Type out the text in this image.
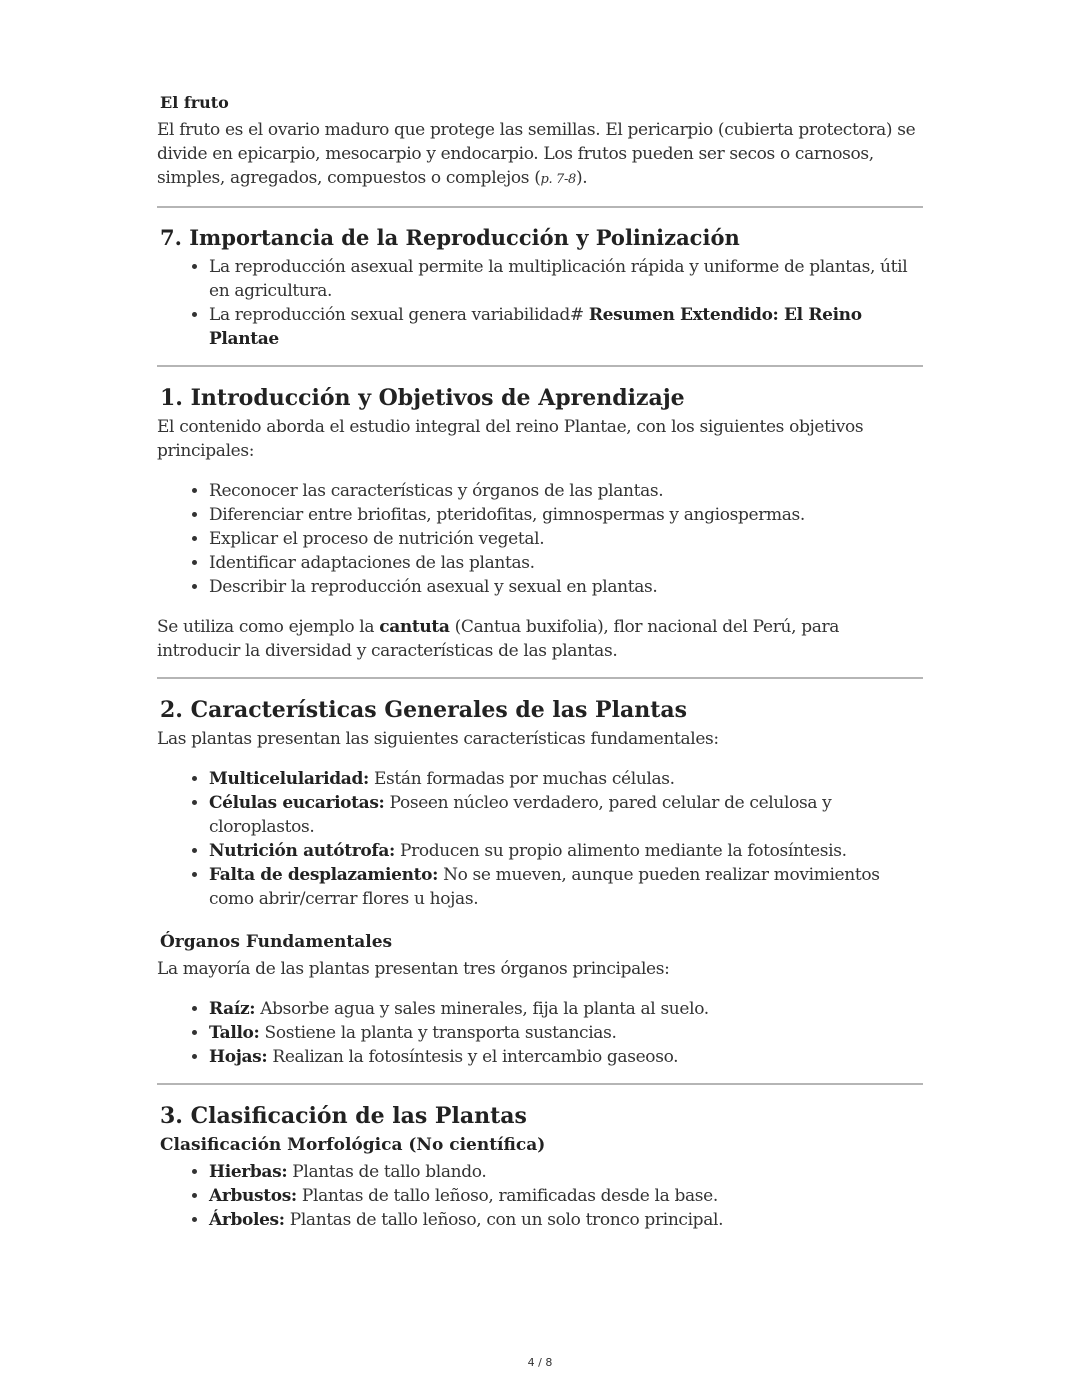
El fruto

El fruto es el ovario maduro que protege las semillas. El pericarpio (cubierta protectora) se divide en epicarpio, mesocarpio y endocarpio. Los frutos pueden ser secos o carnosos, simples, agregados, compuestos o complejos (p. 7-8).

7. Importancia de la Reproducción y Polinización
• La reproducción asexual permite la multiplicación rápida y uniforme de plantas, útil en agricultura.
• La reproducción sexual genera variabilidad# Resumen Extendido: El Reino Plantae
1. Introducción y Objetivos de Aprendizaje

El contenido aborda el estudio integral del reino Plantae, con los siguientes objetivos principales:

• Reconocer las características y órganos de las plantas.
• Diferenciar entre briofitas, pteridofitas, gimnospermas y angiospermas.
• Explicar el proceso de nutrición vegetal.
• Identificar adaptaciones de las plantas.
• Describir la reproducción asexual y sexual en plantas.

Se utiliza como ejemplo la cantuta (Cantua buxifolia), flor nacional del Perú, para introducir la diversidad y características de las plantas.

2. Características Generales de las Plantas

Las plantas presentan las siguientes características fundamentales:

• Multicelularidad: Están formadas por muchas células.
• Células eucariotas: Poseen núcleo verdadero, pared celular de celulosa y cloroplastos.
• Nutrición autótrofa: Producen su propio alimento mediante la fotosíntesis.
• Falta de desplazamiento: No se mueven, aunque pueden realizar movimientos como abrir/cerrar flores u hojas.
Órganos Fundamentales

La mayoría de las plantas presentan tres órganos principales:

• Raíz: Absorbe agua y sales minerales, fija la planta al suelo.
• Tallo: Sostiene la planta y transporta sustancias.
• Hojas: Realizan la fotosíntesis y el intercambio gaseoso.
3. Clasificación de las Plantas
Clasificación Morfológica (No científica)
• Hierbas: Plantas de tallo blando.
• Arbustos: Plantas de tallo leñoso, ramificadas desde la base.
• Árboles: Plantas de tallo leñoso, con un solo tronco principal.
4 / 8
